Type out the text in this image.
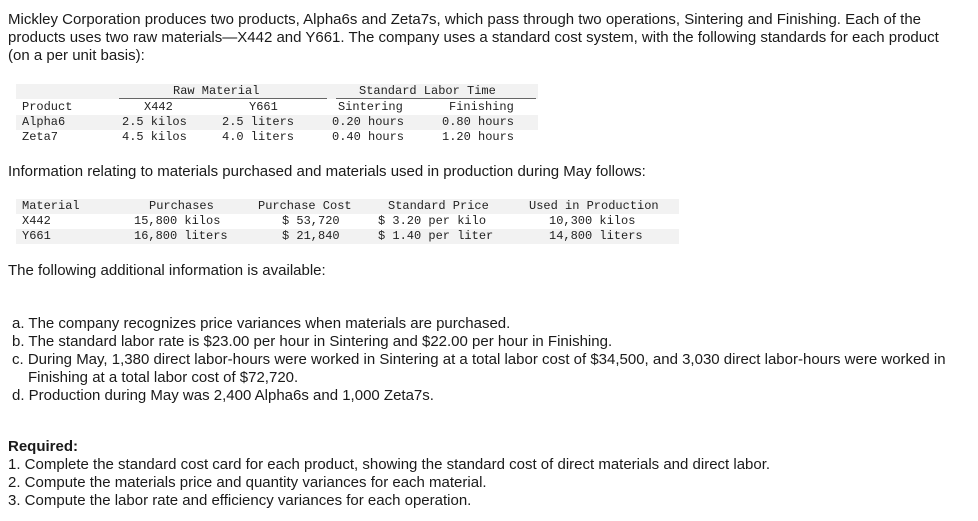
Mickley Corporation produces two products, Alpha6s and Zeta7s, which pass through two operations, Sintering and Finishing. Each of the products uses two raw materials—X442 and Y661. The company uses a standard cost system, with the following standards for each product (on a per unit basis):
Raw Material	Standard Labor Time
Product	X442	Y661	Sintering	Finishing
Alpha6	2.5 kilos	2.5 liters	0.20 hours	0.80 hours
Zeta7	4.5 kilos	4.0 liters	0.40 hours	1.20 hours
Information relating to materials purchased and materials used in production during May follows:
Material	Purchases	Purchase Cost	Standard Price	Used in Production
X442	15,800 kilos	$ 53,720	$ 3.20 per kilo	10,300 kilos
Y661	16,800 liters	$ 21,840	$ 1.40 per liter	14,800 liters
The following additional information is available:
a. The company recognizes price variances when materials are purchased.
b. The standard labor rate is $23.00 per hour in Sintering and $22.00 per hour in Finishing.
c. During May, 1,380 direct labor-hours were worked in Sintering at a total labor cost of $34,500, and 3,030 direct labor-hours were worked in Finishing at a total labor cost of $72,720.
d. Production during May was 2,400 Alpha6s and 1,000 Zeta7s.
Required:
1. Complete the standard cost card for each product, showing the standard cost of direct materials and direct labor.
2. Compute the materials price and quantity variances for each material.
3. Compute the labor rate and efficiency variances for each operation.
